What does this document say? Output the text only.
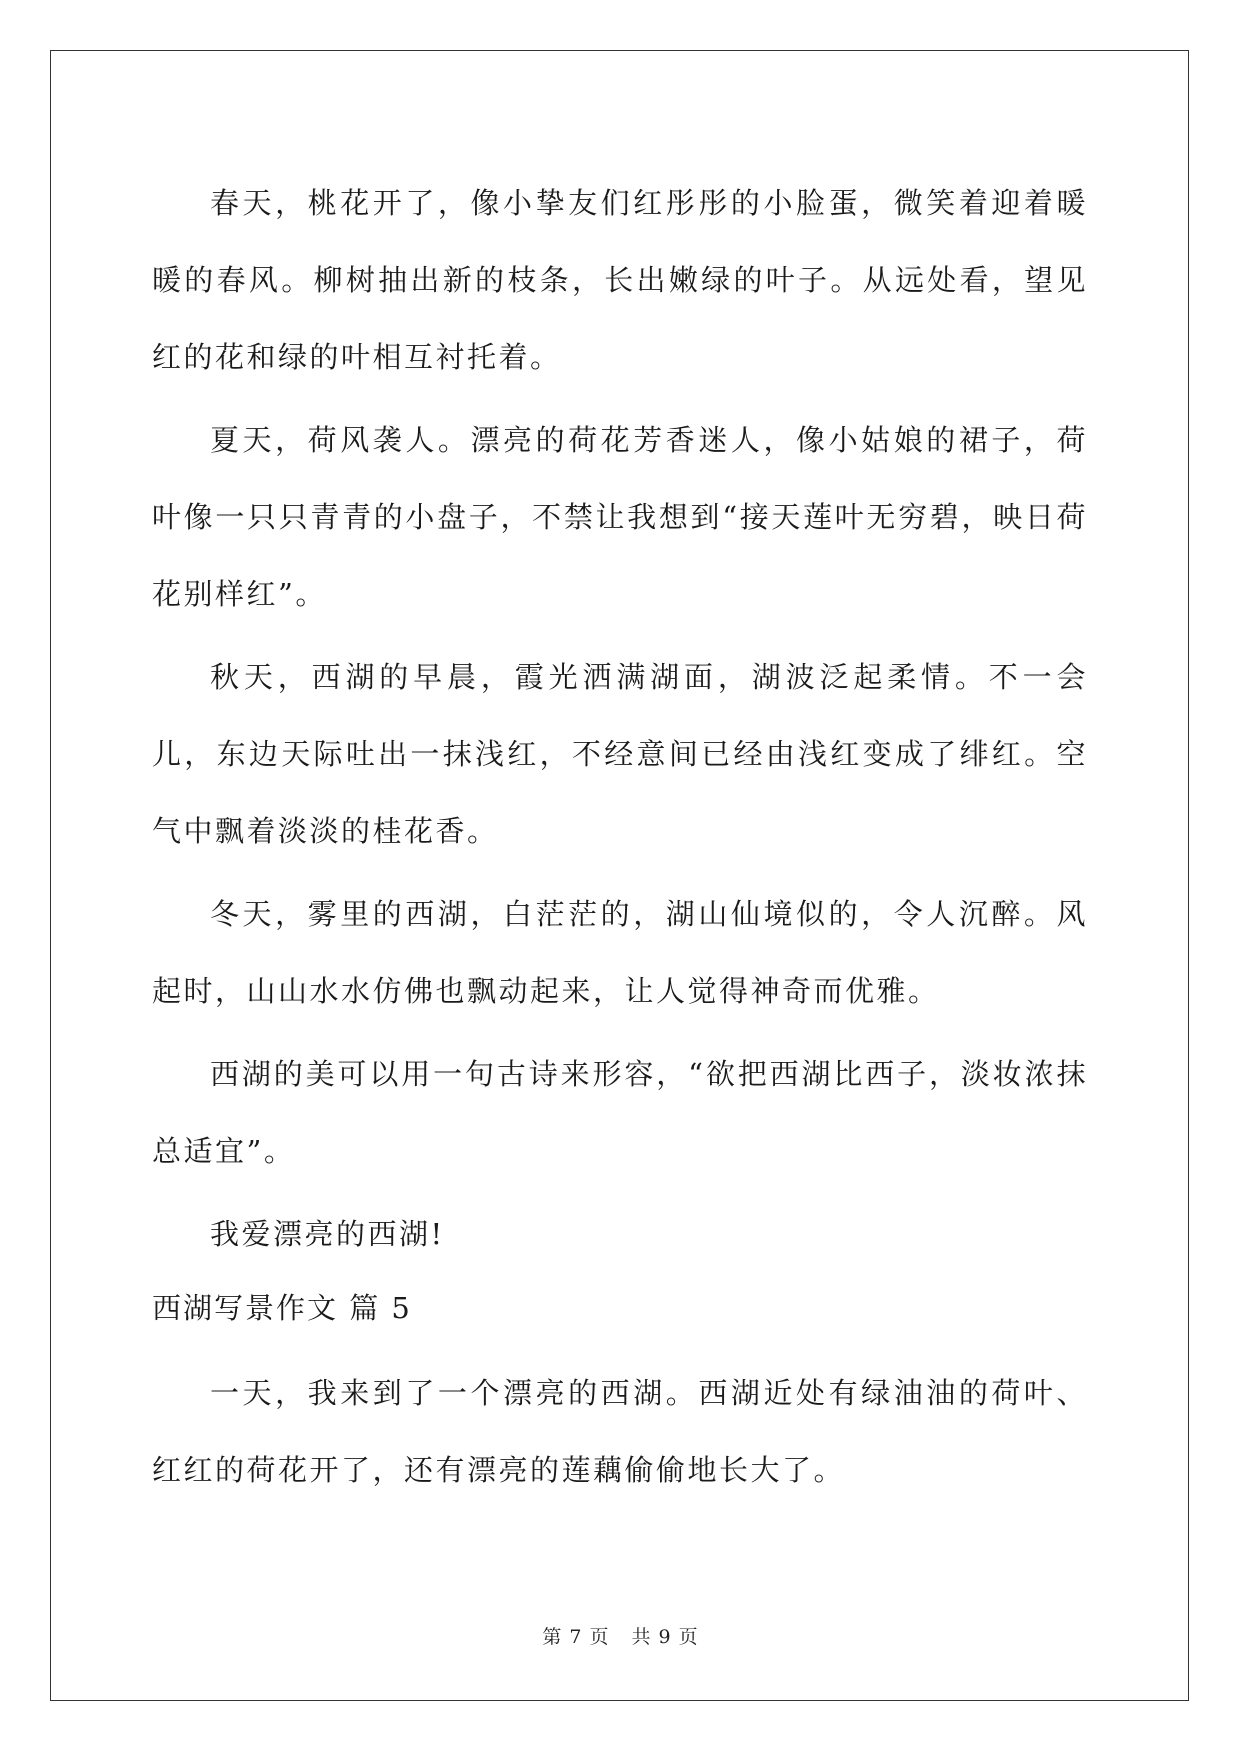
春天，桃花开了，像小挚友们红彤彤的小脸蛋，微笑着迎着暖暖的春风。柳树抽出新的枝条，长出嫩绿的叶子。从远处看，望见红的花和绿的叶相互衬托着。

夏天，荷风袭人。漂亮的荷花芳香迷人，像小姑娘的裙子，荷叶像一只只青青的小盘子，不禁让我想到“接天莲叶无穷碧，映日荷花别样红”。

秋天，西湖的早晨，霞光洒满湖面，湖波泛起柔情。不一会儿，东边天际吐出一抹浅红，不经意间已经由浅红变成了绯红。空气中飘着淡淡的桂花香。

冬天，雾里的西湖，白茫茫的，湖山仙境似的，令人沉醉。风起时，山山水水仿佛也飘动起来，让人觉得神奇而优雅。

西湖的美可以用一句古诗来形容，“欲把西湖比西子，淡妆浓抹总适宜”。

我爱漂亮的西湖!

西湖写景作文 篇 5

一天，我来到了一个漂亮的西湖。西湖近处有绿油油的荷叶、红红的荷花开了，还有漂亮的莲藕偷偷地长大了。

第 7 页 共 9 页
